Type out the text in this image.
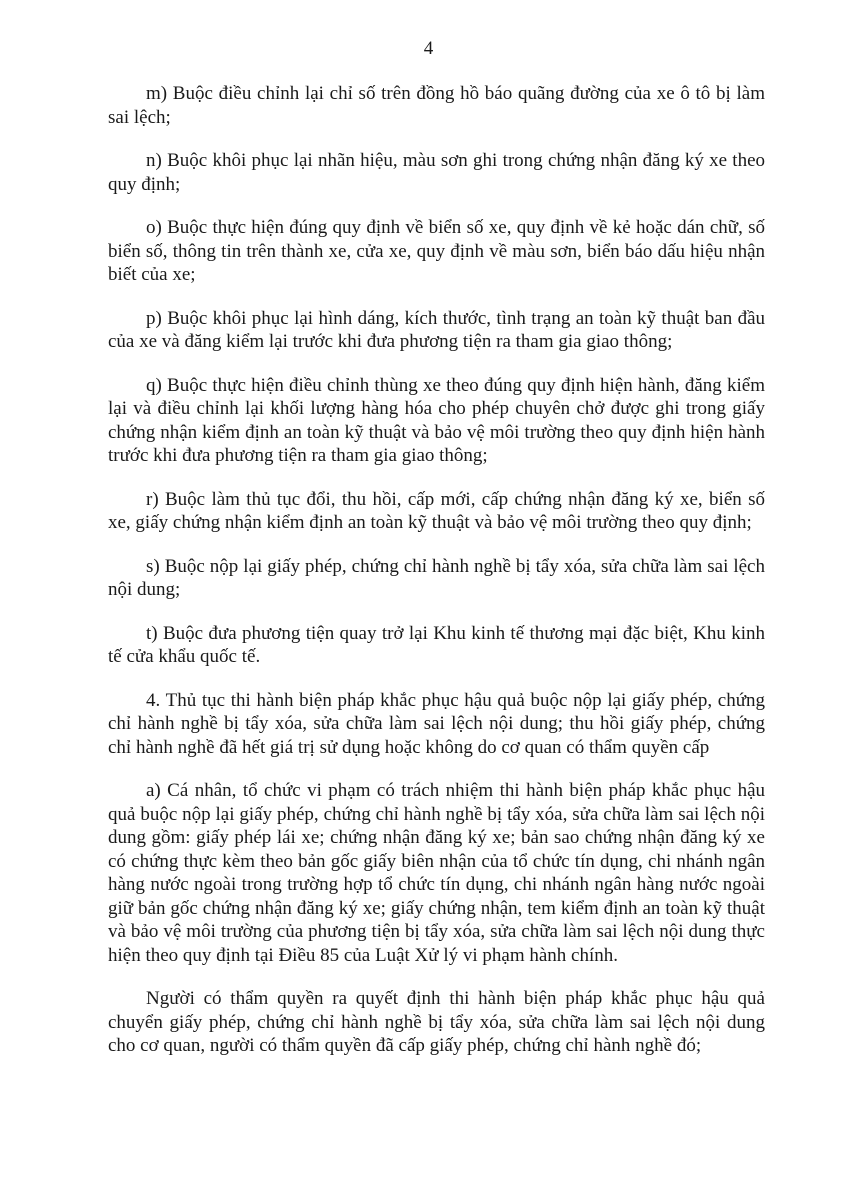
4

m) Buộc điều chỉnh lại chỉ số trên đồng hồ báo quãng đường của xe ô tô bị làm sai lệch;

n) Buộc khôi phục lại nhãn hiệu, màu sơn ghi trong chứng nhận đăng ký xe theo quy định;

o) Buộc thực hiện đúng quy định về biển số xe, quy định về kẻ hoặc dán chữ, số biển số, thông tin trên thành xe, cửa xe, quy định về màu sơn, biển báo dấu hiệu nhận biết của xe;

p) Buộc khôi phục lại hình dáng, kích thước, tình trạng an toàn kỹ thuật ban đầu của xe và đăng kiểm lại trước khi đưa phương tiện ra tham gia giao thông;

q) Buộc thực hiện điều chỉnh thùng xe theo đúng quy định hiện hành, đăng kiểm lại và điều chỉnh lại khối lượng hàng hóa cho phép chuyên chở được ghi trong giấy chứng nhận kiểm định an toàn kỹ thuật và bảo vệ môi trường theo quy định hiện hành trước khi đưa phương tiện ra tham gia giao thông;

r) Buộc làm thủ tục đổi, thu hồi, cấp mới, cấp chứng nhận đăng ký xe, biển số xe, giấy chứng nhận kiểm định an toàn kỹ thuật và bảo vệ môi trường theo quy định;

s) Buộc nộp lại giấy phép, chứng chỉ hành nghề bị tẩy xóa, sửa chữa làm sai lệch nội dung;

t) Buộc đưa phương tiện quay trở lại Khu kinh tế thương mại đặc biệt, Khu kinh tế cửa khẩu quốc tế.

4. Thủ tục thi hành biện pháp khắc phục hậu quả buộc nộp lại giấy phép, chứng chỉ hành nghề bị tẩy xóa, sửa chữa làm sai lệch nội dung; thu hồi giấy phép, chứng chỉ hành nghề đã hết giá trị sử dụng hoặc không do cơ quan có thẩm quyền cấp

a) Cá nhân, tổ chức vi phạm có trách nhiệm thi hành biện pháp khắc phục hậu quả buộc nộp lại giấy phép, chứng chỉ hành nghề bị tẩy xóa, sửa chữa làm sai lệch nội dung gồm: giấy phép lái xe; chứng nhận đăng ký xe; bản sao chứng nhận đăng ký xe có chứng thực kèm theo bản gốc giấy biên nhận của tổ chức tín dụng, chi nhánh ngân hàng nước ngoài trong trường hợp tổ chức tín dụng, chi nhánh ngân hàng nước ngoài giữ bản gốc chứng nhận đăng ký xe; giấy chứng nhận, tem kiểm định an toàn kỹ thuật và bảo vệ môi trường của phương tiện bị tẩy xóa, sửa chữa làm sai lệch nội dung thực hiện theo quy định tại Điều 85 của Luật Xử lý vi phạm hành chính.

Người có thẩm quyền ra quyết định thi hành biện pháp khắc phục hậu quả chuyển giấy phép, chứng chỉ hành nghề bị tẩy xóa, sửa chữa làm sai lệch nội dung cho cơ quan, người có thẩm quyền đã cấp giấy phép, chứng chỉ hành nghề đó;
